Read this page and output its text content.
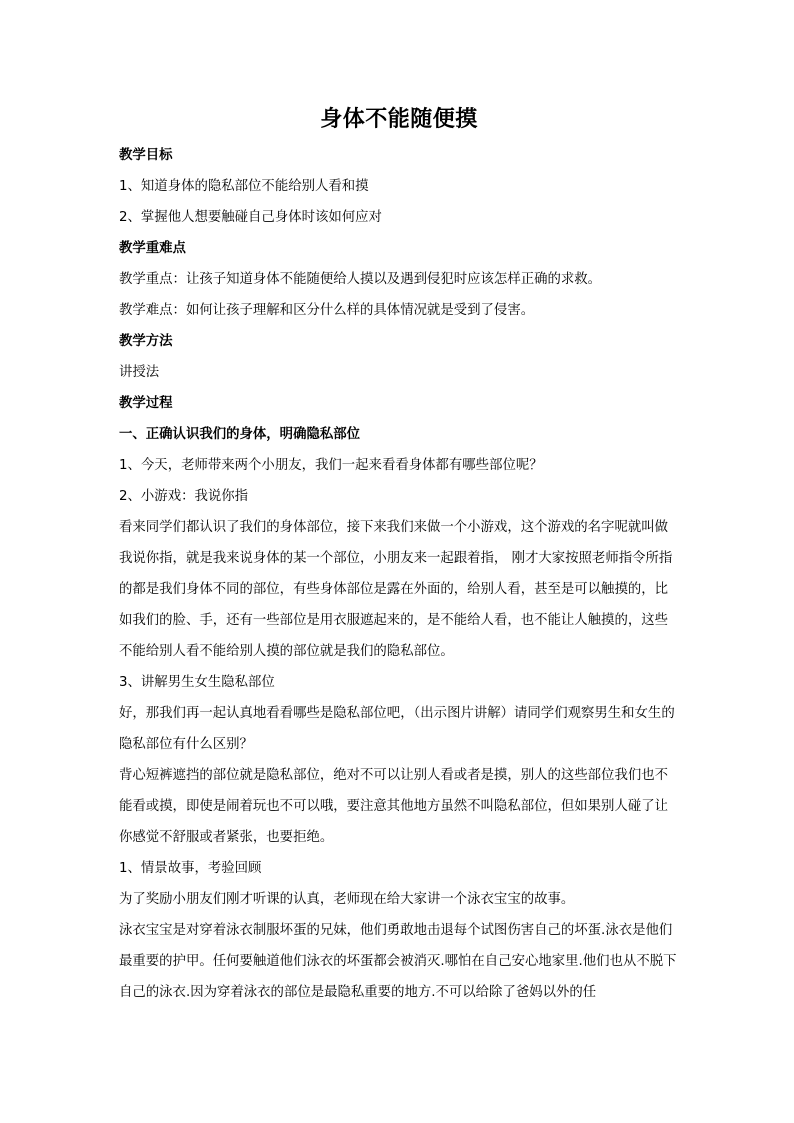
身体不能随便摸

教学目标

1、知道身体的隐私部位不能给别人看和摸

2、掌握他人想要触碰自己身体时该如何应对

教学重难点

教学重点：让孩子知道身体不能随便给人摸以及遇到侵犯时应该怎样正确的求救。

教学难点：如何让孩子理解和区分什么样的具体情况就是受到了侵害。

教学方法

讲授法

教学过程

一、正确认识我们的身体，明确隐私部位

1、今天，老师带来两个小朋友，我们一起来看看身体都有哪些部位呢？

2、小游戏：我说你指

看来同学们都认识了我们的身体部位，接下来我们来做一个小游戏，这个游戏的名字呢就叫做我说你指，就是我来说身体的某一个部位，小朋友来一起跟着指， 刚才大家按照老师指令所指的都是我们身体不同的部位，有些身体部位是露在外面的，给别人看，甚至是可以触摸的，比如我们的脸、手，还有一些部位是用衣服遮起来的，是不能给人看，也不能让人触摸的，这些不能给别人看不能给别人摸的部位就是我们的隐私部位。

3、讲解男生女生隐私部位

好，那我们再一起认真地看看哪些是隐私部位吧，（出示图片讲解）请同学们观察男生和女生的隐私部位有什么区别？

背心短裤遮挡的部位就是隐私部位，绝对不可以让别人看或者是摸，别人的这些部位我们也不能看或摸，即使是闹着玩也不可以哦，要注意其他地方虽然不叫隐私部位，但如果别人碰了让你感觉不舒服或者紧张，也要拒绝。

1、情景故事，考验回顾

为了奖励小朋友们刚才听课的认真，老师现在给大家讲一个泳衣宝宝的故事。

泳衣宝宝是对穿着泳衣制服坏蛋的兄妹，他们勇敢地击退每个试图伤害自己的坏蛋.泳衣是他们最重要的护甲。任何要触道他们泳衣的坏蛋都会被消灭.哪怕在自己安心地家里.他们也从不脱下自己的泳衣.因为穿着泳衣的部位是最隐私重要的地方.不可以给除了爸妈以外的任
